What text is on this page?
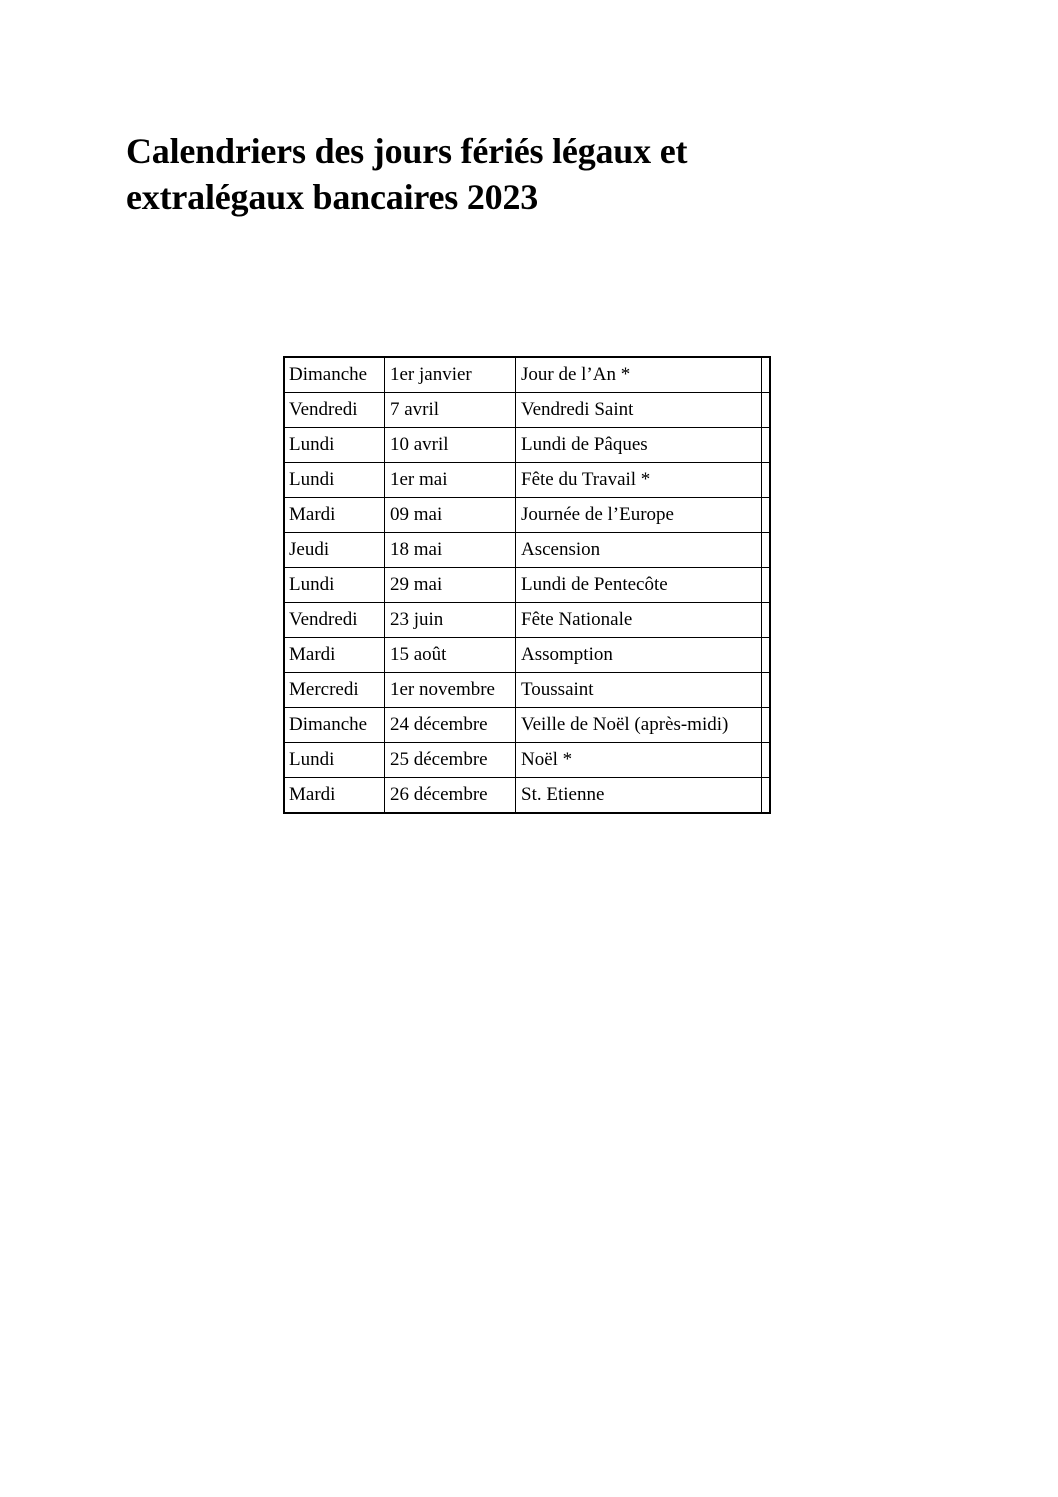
Calendriers des jours fériés légaux et
extralégaux bancaires 2023
Dimanche	1er janvier	Jour de l’An *	
Vendredi	7 avril	Vendredi Saint	
Lundi	10 avril	Lundi de Pâques	
Lundi	1er mai	Fête du Travail *	
Mardi	09 mai	Journée de l’Europe	
Jeudi	18 mai	Ascension	
Lundi	29 mai	Lundi de Pentecôte	
Vendredi	23 juin	Fête Nationale	
Mardi	15 août	Assomption	
Mercredi	1er novembre	Toussaint	
Dimanche	24 décembre	Veille de Noël (après-midi)	
Lundi	25 décembre	Noël *	
Mardi	26 décembre	St. Etienne	
